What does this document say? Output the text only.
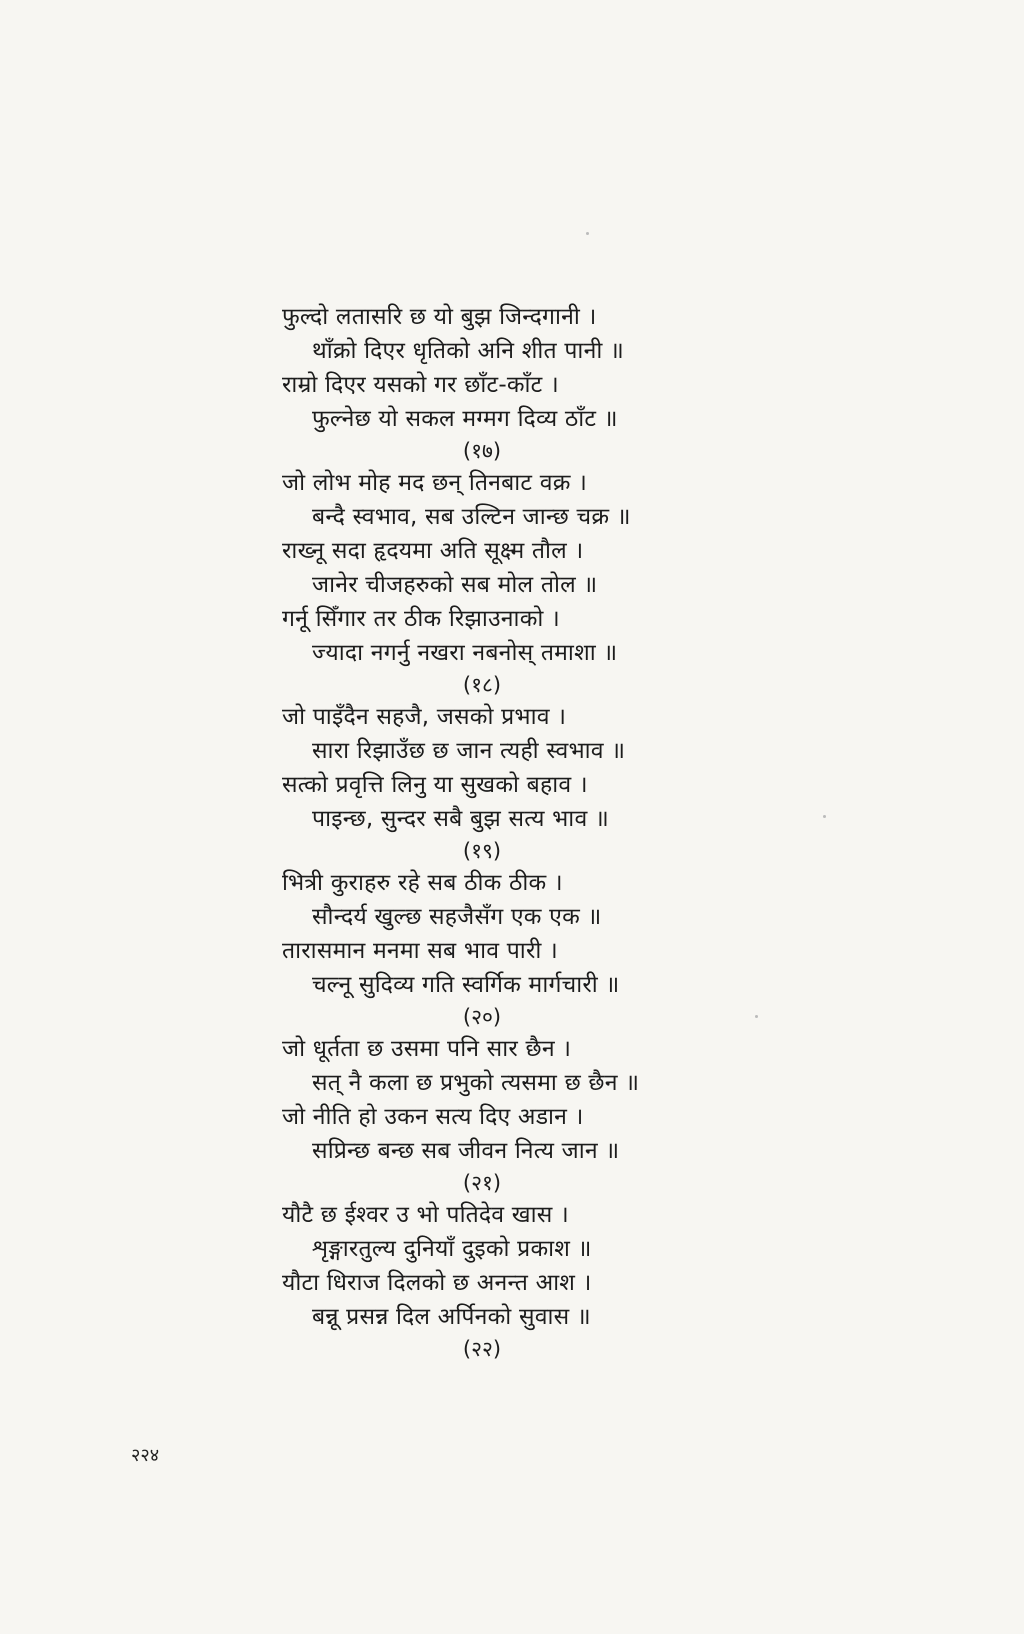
फुल्दो लतासरि छ यो बुझ जिन्दगानी ।
थाँक्रो दिएर धृतिको अनि शीत पानी ॥
राम्रो दिएर यसको गर छाँट-काँट ।
फुल्नेछ यो सकल मग्मग दिव्य ठाँट ॥
(१७)
जो लोभ मोह मद छन् तिनबाट वक्र ।
बन्दै स्वभाव, सब उल्टिन जान्छ चक्र ॥
राख्नू सदा हृदयमा अति सूक्ष्म तौल ।
जानेर चीजहरुको सब मोल तोल ॥
गर्नू सिँगार तर ठीक रिझाउनाको ।
ज्यादा नगर्नु नखरा नबनोस् तमाशा ॥
(१८)
जो पाइँदैन सहजै, जसको प्रभाव ।
सारा रिझाउँछ छ जान त्यही स्वभाव ॥
सत्को प्रवृत्ति लिनु या सुखको बहाव ।
पाइन्छ, सुन्दर सबै बुझ सत्य भाव ॥
(१९)
भित्री कुराहरु रहे सब ठीक ठीक ।
सौन्दर्य खुल्छ सहजैसँग एक एक ॥
तारासमान मनमा सब भाव पारी ।
चल्नू सुदिव्य गति स्वर्गिक मार्गचारी ॥
(२०)
जो धूर्तता छ उसमा पनि सार छैन ।
सत् नै कला छ प्रभुको त्यसमा छ छैन ॥
जो नीति हो उकन सत्य दिए अडान ।
सप्रिन्छ बन्छ सब जीवन नित्य जान ॥
(२१)
यौटै छ ईश्वर उ भो पतिदेव खास ।
शृङ्गारतुल्य दुनियाँ दुइको प्रकाश ॥
यौटा धिराज दिलको छ अनन्त आश ।
बन्नू प्रसन्न दिल अर्पिनको सुवास ॥
(२२)
२२४
